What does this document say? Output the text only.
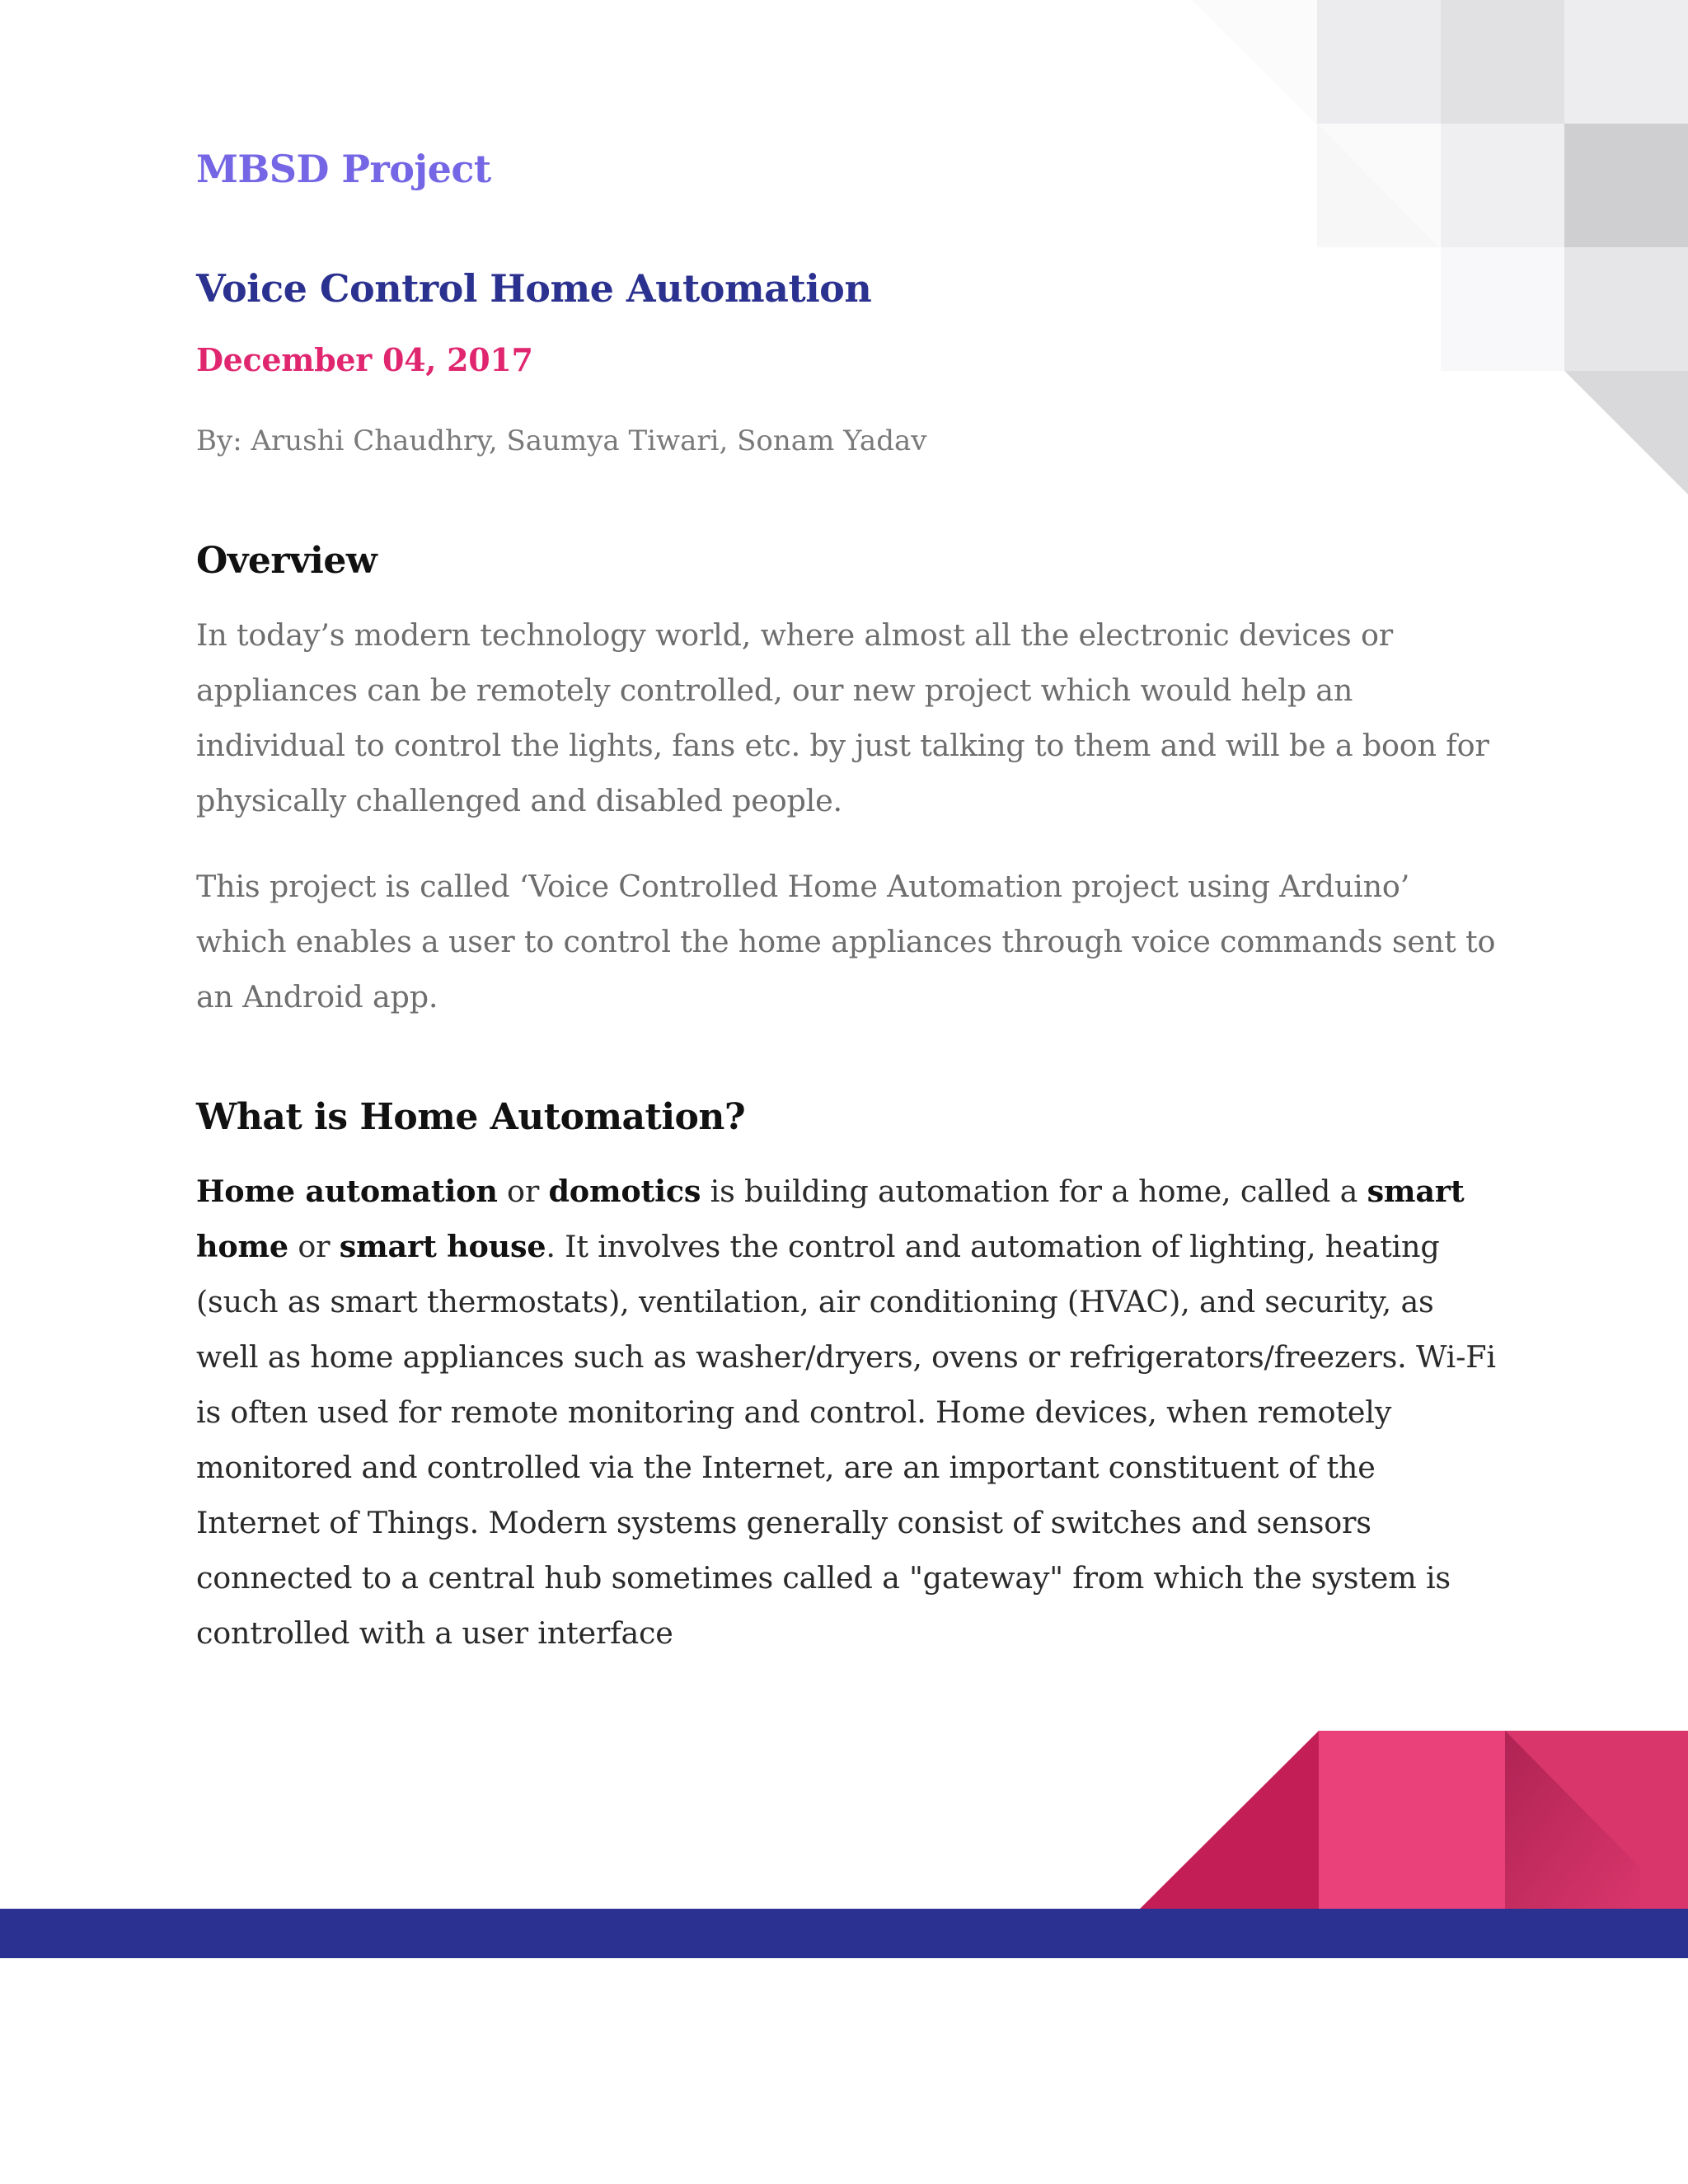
MBSD Project
Voice Control Home Automation
December 04, 2017
By: Arushi Chaudhry, Saumya Tiwari, Sonam Yadav
Overview

In today’s modern technology world, where almost all the electronic devices or appliances can be remotely controlled, our new project which would help an individual to control the lights, fans etc. by just talking to them and will be a boon for physically challenged and disabled people.

This project is called ‘Voice Controlled Home Automation project using Arduino’ which enables a user to control the home appliances through voice commands sent to an Android app.

What is Home Automation?

Home automation or domotics is building automation for a home, called a smart home or smart house. It involves the control and automation of lighting, heating (such as smart thermostats), ventilation, air conditioning (HVAC), and security, as well as home appliances such as washer/dryers, ovens or refrigerators/freezers. Wi-Fi is often used for remote monitoring and control. Home devices, when remotely monitored and controlled via the Internet, are an important constituent of the Internet of Things. Modern systems generally consist of switches and sensors connected to a central hub sometimes called a "gateway" from which the system is controlled with a user interface
